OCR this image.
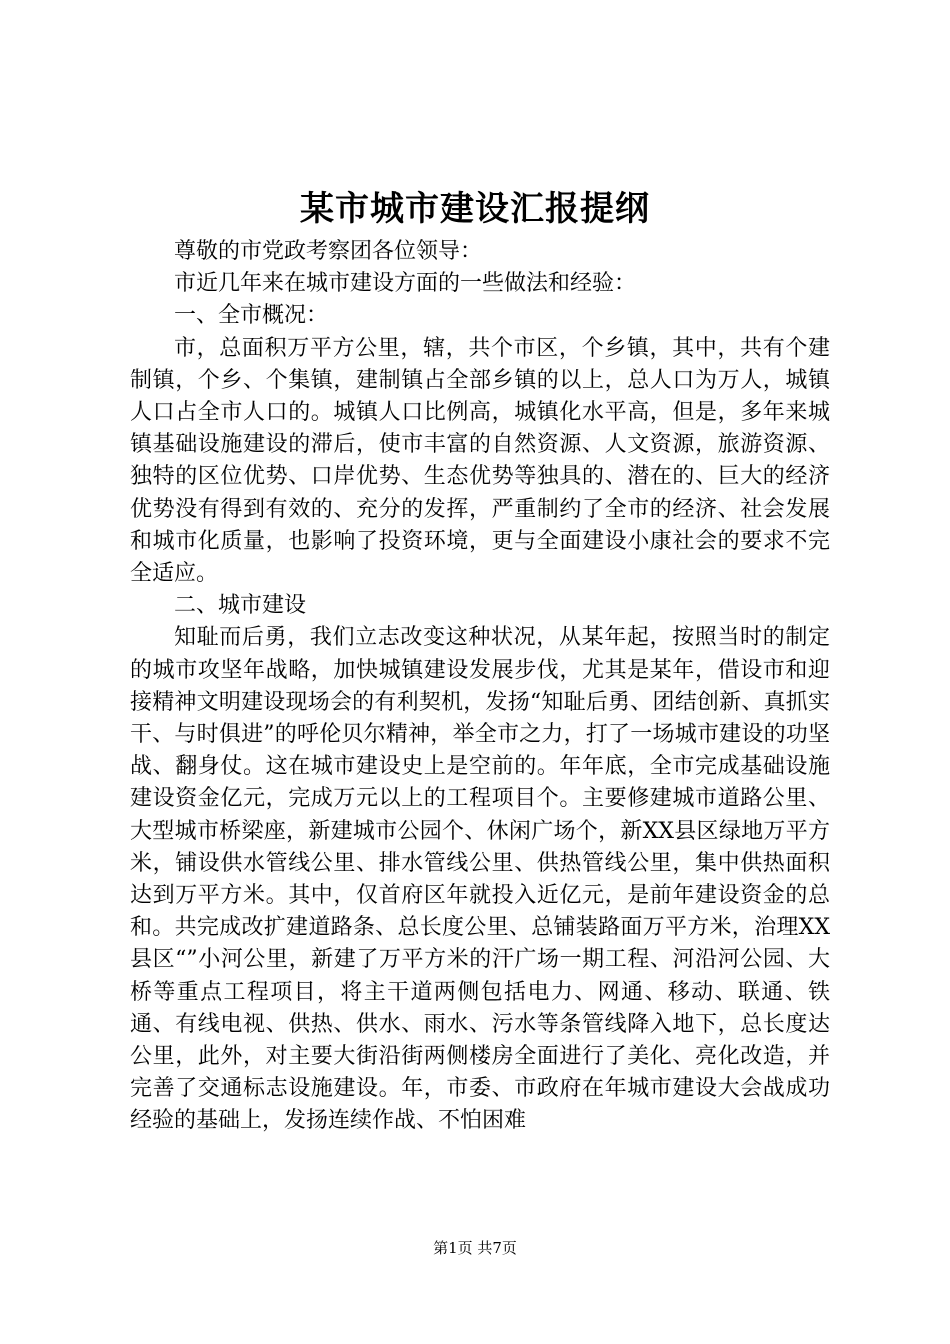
某市城市建设汇报提纲

尊敬的市党政考察团各位领导：

市近几年来在城市建设方面的一些做法和经验：

一、全市概况：

市，总面积万平方公里，辖，共个市区，个乡镇，其中，共有个建制镇，个乡、个集镇，建制镇占全部乡镇的以上，总人口为万人，城镇人口占全市人口的。城镇人口比例高，城镇化水平高，但是，多年来城镇基础设施建设的滞后，使市丰富的自然资源、人文资源，旅游资源、独特的区位优势、口岸优势、生态优势等独具的、潜在的、巨大的经济优势没有得到有效的、充分的发挥，严重制约了全市的经济、社会发展和城市化质量，也影响了投资环境，更与全面建设小康社会的要求不完全适应。

二、城市建设

知耻而后勇，我们立志改变这种状况，从某年起，按照当时的制定的城市攻坚年战略，加快城镇建设发展步伐，尤其是某年，借设市和迎接精神文明建设现场会的有利契机，发扬“知耻后勇、团结创新、真抓实干、与时俱进”的呼伦贝尔精神，举全市之力，打了一场城市建设的功坚战、翻身仗。这在城市建设史上是空前的。年年底，全市完成基础设施建设资金亿元，完成万元以上的工程项目个。主要修建城市道路公里、大型城市桥梁座，新建城市公园个、休闲广场个，新XX县区绿地万平方米，铺设供水管线公里、排水管线公里、供热管线公里，集中供热面积达到万平方米。其中，仅首府区年就投入近亿元，是前年建设资金的总和。共完成改扩建道路条、总长度公里、总铺装路面万平方米，治理XX县区“”小河公里，新建了万平方米的汗广场一期工程、河沿河公园、大桥等重点工程项目，将主干道两侧包括电力、网通、移动、联通、铁通、有线电视、供热、供水、雨水、污水等条管线降入地下，总长度达公里，此外，对主要大街沿街两侧楼房全面进行了美化、亮化改造，并完善了交通标志设施建设。年，市委、市政府在年城市建设大会战成功经验的基础上，发扬连续作战、不怕困难

第1页 共7页
